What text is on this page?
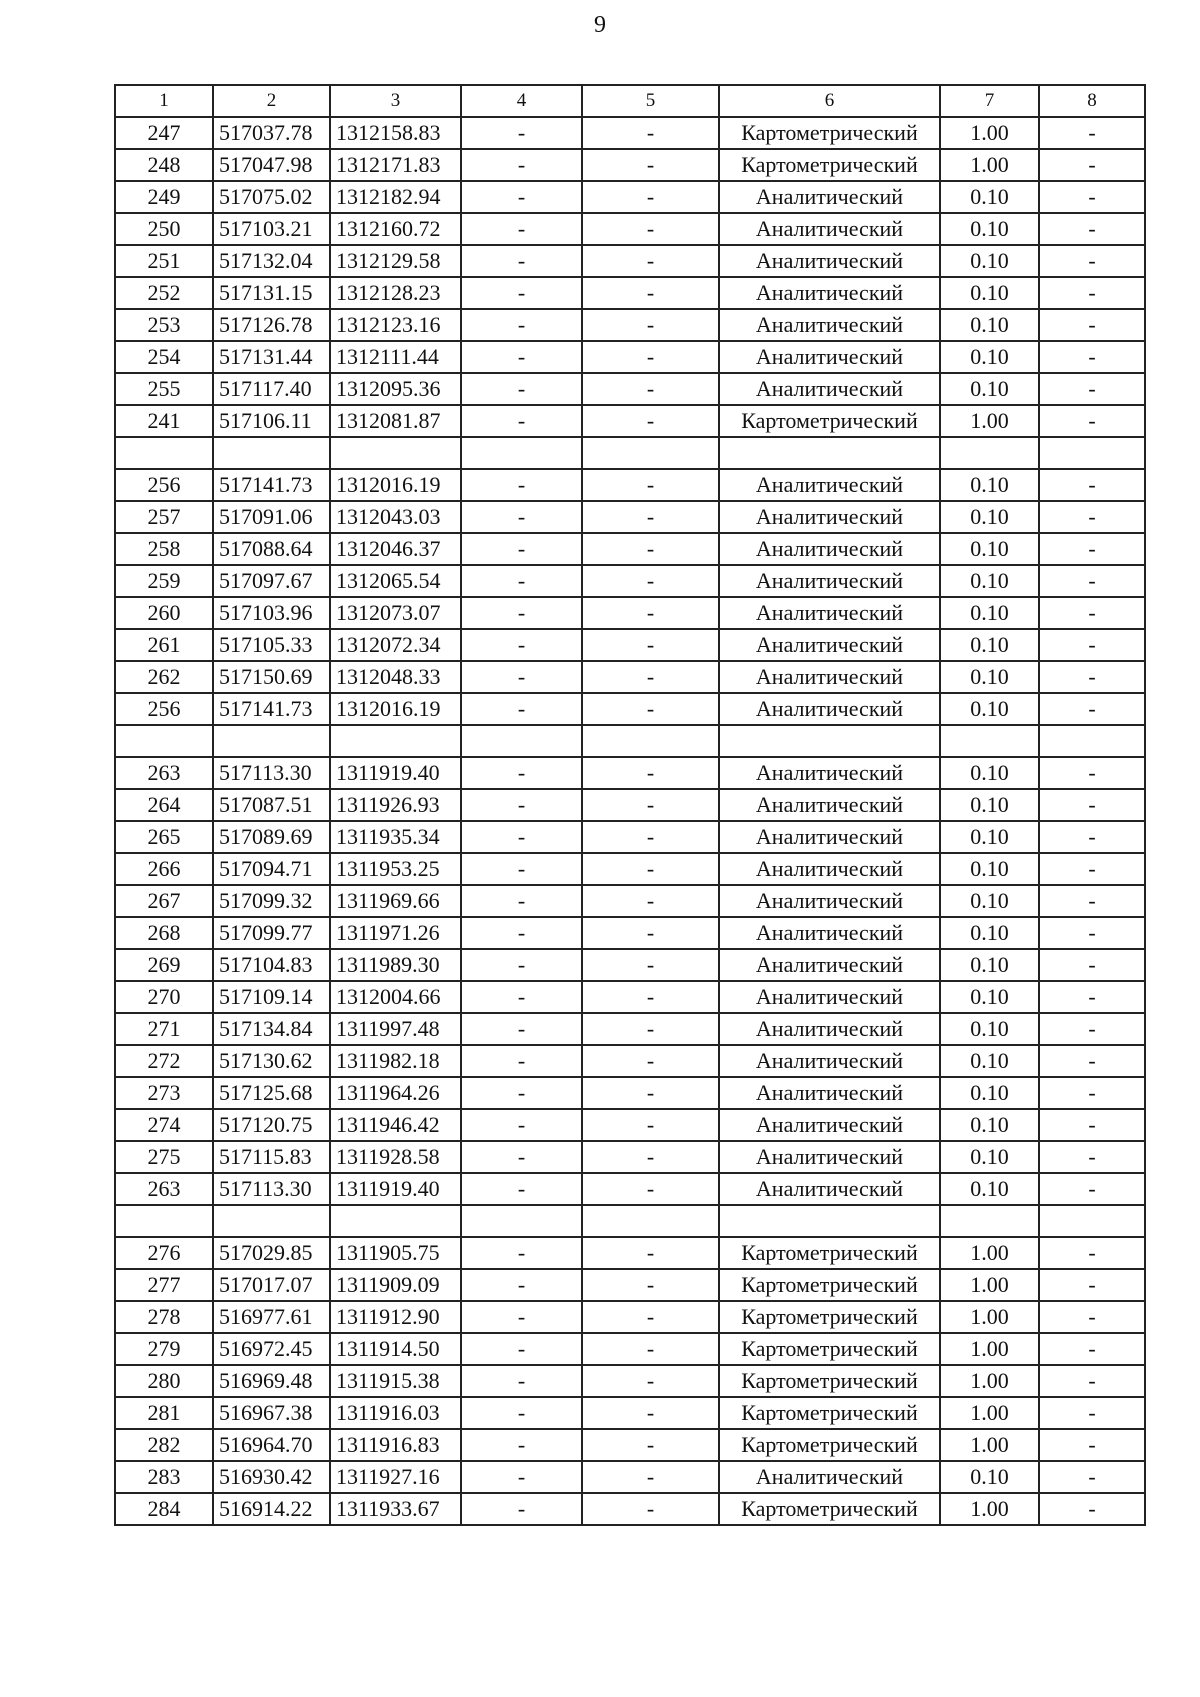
9
1	2	3	4	5	6	7	8
247	517037.78	1312158.83	-	-	Картометрический	1.00	-
248	517047.98	1312171.83	-	-	Картометрический	1.00	-
249	517075.02	1312182.94	-	-	Аналитический	0.10	-
250	517103.21	1312160.72	-	-	Аналитический	0.10	-
251	517132.04	1312129.58	-	-	Аналитический	0.10	-
252	517131.15	1312128.23	-	-	Аналитический	0.10	-
253	517126.78	1312123.16	-	-	Аналитический	0.10	-
254	517131.44	1312111.44	-	-	Аналитический	0.10	-
255	517117.40	1312095.36	-	-	Аналитический	0.10	-
241	517106.11	1312081.87	-	-	Картометрический	1.00	-

256	517141.73	1312016.19	-	-	Аналитический	0.10	-
257	517091.06	1312043.03	-	-	Аналитический	0.10	-
258	517088.64	1312046.37	-	-	Аналитический	0.10	-
259	517097.67	1312065.54	-	-	Аналитический	0.10	-
260	517103.96	1312073.07	-	-	Аналитический	0.10	-
261	517105.33	1312072.34	-	-	Аналитический	0.10	-
262	517150.69	1312048.33	-	-	Аналитический	0.10	-
256	517141.73	1312016.19	-	-	Аналитический	0.10	-

263	517113.30	1311919.40	-	-	Аналитический	0.10	-
264	517087.51	1311926.93	-	-	Аналитический	0.10	-
265	517089.69	1311935.34	-	-	Аналитический	0.10	-
266	517094.71	1311953.25	-	-	Аналитический	0.10	-
267	517099.32	1311969.66	-	-	Аналитический	0.10	-
268	517099.77	1311971.26	-	-	Аналитический	0.10	-
269	517104.83	1311989.30	-	-	Аналитический	0.10	-
270	517109.14	1312004.66	-	-	Аналитический	0.10	-
271	517134.84	1311997.48	-	-	Аналитический	0.10	-
272	517130.62	1311982.18	-	-	Аналитический	0.10	-
273	517125.68	1311964.26	-	-	Аналитический	0.10	-
274	517120.75	1311946.42	-	-	Аналитический	0.10	-
275	517115.83	1311928.58	-	-	Аналитический	0.10	-
263	517113.30	1311919.40	-	-	Аналитический	0.10	-

276	517029.85	1311905.75	-	-	Картометрический	1.00	-
277	517017.07	1311909.09	-	-	Картометрический	1.00	-
278	516977.61	1311912.90	-	-	Картометрический	1.00	-
279	516972.45	1311914.50	-	-	Картометрический	1.00	-
280	516969.48	1311915.38	-	-	Картометрический	1.00	-
281	516967.38	1311916.03	-	-	Картометрический	1.00	-
282	516964.70	1311916.83	-	-	Картометрический	1.00	-
283	516930.42	1311927.16	-	-	Аналитический	0.10	-
284	516914.22	1311933.67	-	-	Картометрический	1.00	-
